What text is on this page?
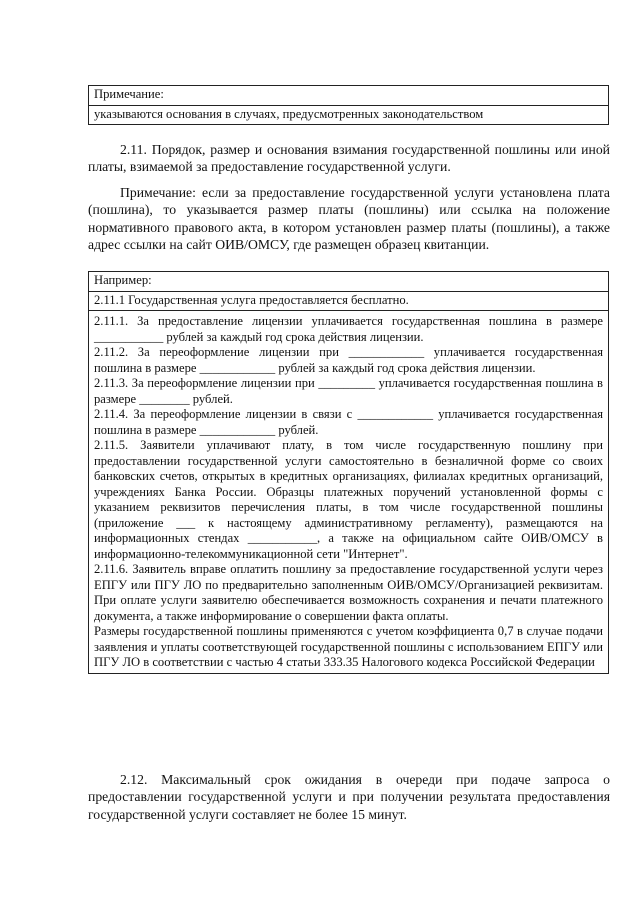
Примечание:
указываются основания в случаях, предусмотренных законодательством
2.11. Порядок, размер и основания взимания государственной пошлины или иной платы, взимаемой за предоставление государственной услуги.
Примечание: если за предоставление государственной услуги установлена плата (пошлина), то указывается размер платы (пошлины) или ссылка на положение нормативного правового акта, в котором установлен размер платы (пошлины), а также адрес ссылки на сайт ОИВ/ОМСУ, где размещен образец квитанции.
Например:
2.11.1 Государственная услуга предоставляется бесплатно.
2.11.1. За предоставление лицензии уплачивается государственная пошлина в размере ___________ рублей за каждый год срока действия лицензии.
2.11.2. За переоформление лицензии при ____________ уплачивается государственная пошлина в размере ____________ рублей за каждый год срока действия лицензии.
2.11.3. За переоформление лицензии при _________ уплачивается государственная пошлина в размере ________ рублей.
2.11.4. За переоформление лицензии в связи с ____________ уплачивается государственная пошлина в размере ____________ рублей.
2.11.5. Заявители уплачивают плату, в том числе государственную пошлину при предоставлении государственной услуги самостоятельно в безналичной форме со своих банковских счетов, открытых в кредитных организациях, филиалах кредитных организаций, учреждениях Банка России. Образцы платежных поручений установленной формы с указанием реквизитов перечисления платы, в том числе государственной пошлины (приложение ___ к настоящему административному регламенту), размещаются на информационных стендах ___________, а также на официальном сайте ОИВ/ОМСУ в информационно-телекоммуникационной сети "Интернет".
2.11.6. Заявитель вправе оплатить пошлину за предоставление государственной услуги через ЕПГУ или ПГУ ЛО по предварительно заполненным ОИВ/ОМСУ/Организацией реквизитам. При оплате услуги заявителю обеспечивается возможность сохранения и печати платежного документа, а также информирование о совершении факта оплаты.
Размеры государственной пошлины применяются с учетом коэффициента 0,7 в случае подачи заявления и уплаты соответствующей государственной пошлины с использованием ЕПГУ или ПГУ ЛО в соответствии с частью 4 статьи 333.35 Налогового кодекса Российской Федерации
2.12. Максимальный срок ожидания в очереди при подаче запроса о предоставлении государственной услуги и при получении результата предоставления государственной услуги составляет не более 15 минут.
